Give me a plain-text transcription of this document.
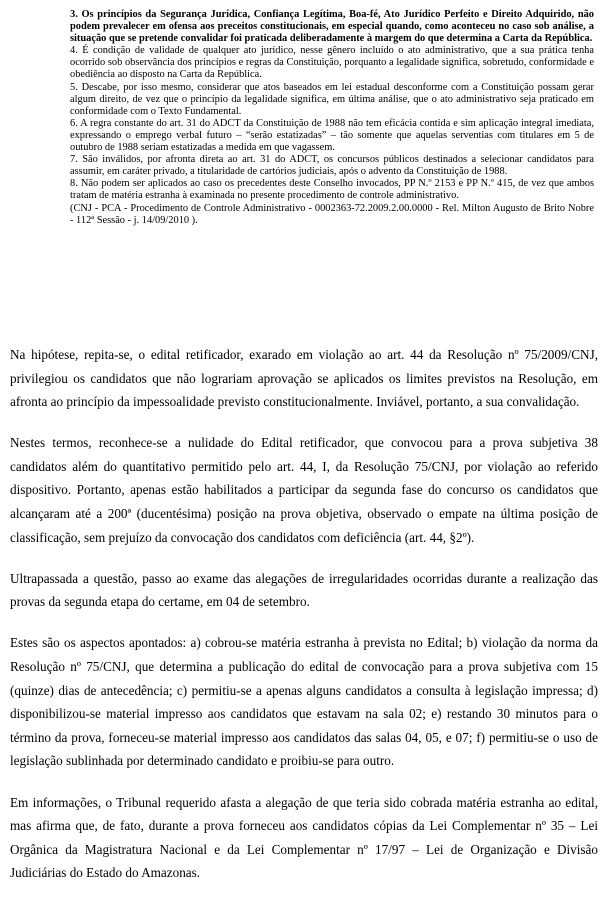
3. Os princípios da Segurança Jurídica, Confiança Legítima, Boa-fé, Ato Jurídico Perfeito e Direito Adquirido, não podem prevalecer em ofensa aos preceitos constitucionais, em especial quando, como aconteceu no caso sob análise, a situação que se pretende convalidar foi praticada deliberadamente à margem do que determina a Carta da República.

4. É condição de validade de qualquer ato jurídico, nesse gênero incluído o ato administrativo, que a sua prática tenha ocorrido sob observância dos princípios e regras da Constituição, porquanto a legalidade significa, sobretudo, conformidade e obediência ao disposto na Carta da República.

5. Descabe, por isso mesmo, considerar que atos baseados em lei estadual desconforme com a Constituição possam gerar algum direito, de vez que o princípio da legalidade significa, em última análise, que o ato administrativo seja praticado em conformidade com o Texto Fundamental.

6. A regra constante do art. 31 do ADCT da Constituição de 1988 não tem eficácia contida e sim aplicação integral imediata, expressando o emprego verbal futuro – “serão estatizadas” – tão somente que aquelas serventias com titulares em 5 de outubro de 1988 seriam estatizadas a medida em que vagassem.

7. São inválidos, por afronta direta ao art. 31 do ADCT, os concursos públicos destinados a selecionar candidatos para assumir, em caráter privado, a titularidade de cartórios judiciais, após o advento da Constituição de 1988.

8. Não podem ser aplicados ao caso os precedentes deste Conselho invocados, PP N.º 2153 e PP N.º 415, de vez que ambos tratam de matéria estranha à examinada no presente procedimento de controle administrativo.

(CNJ - PCA - Procedimento de Controle Administrativo - 0002363-72.2009.2.00.0000 - Rel. Milton Augusto de Brito Nobre - 112ª Sessão - j. 14/09/2010 ).

Na hipótese, repita-se, o edital retificador, exarado em violação ao art. 44 da Resolução nº 75/2009/CNJ, privilegiou os candidatos que não lograriam aprovação se aplicados os limites previstos na Resolução, em afronta ao princípio da impessoalidade previsto constitucionalmente. Inviável, portanto, a sua convalidação.

Nestes termos, reconhece-se a nulidade do Edital retificador, que convocou para a prova subjetiva 38 candidatos além do quantitativo permitido pelo art. 44, I, da Resolução 75/CNJ, por violação ao referido dispositivo. Portanto, apenas estão habilitados a participar da segunda fase do concurso os candidatos que alcançaram até a 200ª (ducentésima) posição na prova objetiva, observado o empate na última posição de classificação, sem prejuízo da convocação dos candidatos com deficiência (art. 44, §2º).

Ultrapassada a questão, passo ao exame das alegações de irregularidades ocorridas durante a realização das provas da segunda etapa do certame, em 04 de setembro.

Estes são os aspectos apontados: a) cobrou-se matéria estranha à prevista no Edital; b) violação da norma da Resolução nº 75/CNJ, que determina a publicação do edital de convocação para a prova subjetiva com 15 (quinze) dias de antecedência; c) permitiu-se a apenas alguns candidatos a consulta à legislação impressa; d) disponibilizou-se material impresso aos candidatos que estavam na sala 02; e) restando 30 minutos para o término da prova, forneceu-se material impresso aos candidatos das salas 04, 05, e 07; f) permitiu-se o uso de legislação sublinhada por determinado candidato e proibiu-se para outro.

Em informações, o Tribunal requerido afasta a alegação de que teria sido cobrada matéria estranha ao edital, mas afirma que, de fato, durante a prova forneceu aos candidatos cópias da Lei Complementar nº 35 – Lei Orgânica da Magistratura Nacional e da Lei Complementar nº 17/97 – Lei de Organização e Divisão Judiciárias do Estado do Amazonas.
